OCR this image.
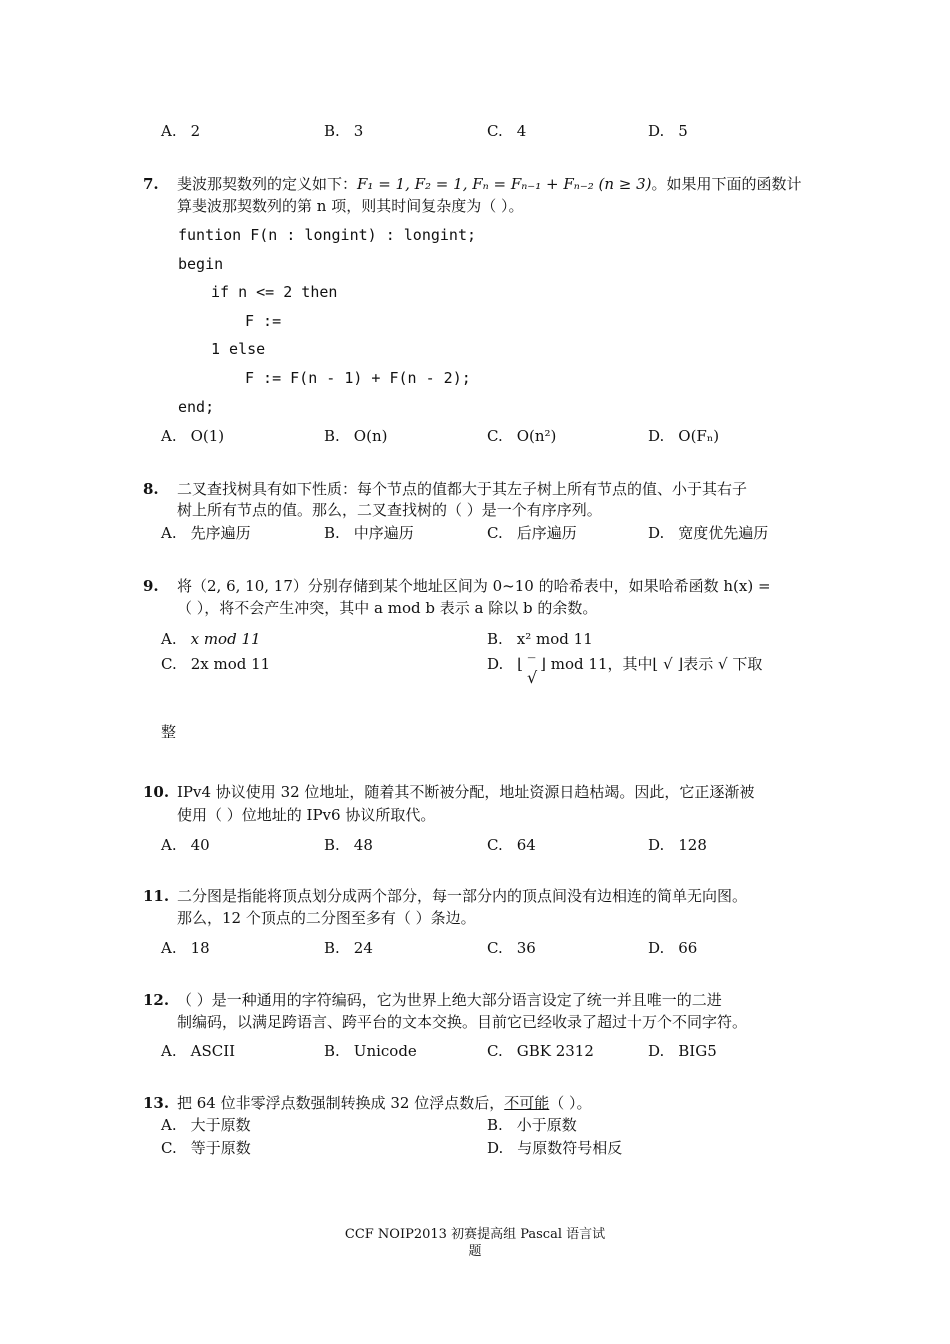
A. 2	B. 3	C. 4	D. 5
7. 斐波那契数列的定义如下：F₁ = 1, F₂ = 1, Fₙ = Fₙ₋₁ + Fₙ₋₂ (n ≥ 3)。如果用下面的函数计
算斐波那契数列的第 n 项，则其时间复杂度为（ ）。
funtion F(n : longint) : longint;
begin
if n <= 2 then
F :=
1 else
F := F(n - 1) + F(n - 2);
end;
A. O(1)	B. O(n)	C. O(n²)	D. O(Fₙ)
8. 二叉查找树具有如下性质：每个节点的值都大于其左子树上所有节点的值、小于其右子
树上所有节点的值。那么，二叉查找树的（ ）是一个有序序列。
A. 先序遍历	B. 中序遍历	C. 后序遍历	D. 宽度优先遍历
9. 将（2, 6, 10, 17）分别存储到某个地址区间为 0~10 的哈希表中，如果哈希函数 h(x) =
（ ），将不会产生冲突，其中 a mod b 表示 a 除以 b 的余数。
A. x mod 11	B. x² mod 11
C. 2x mod 11	D. ⌊ ‾ ⌋ mod 11，其中⌊ √ ⌋表示 √ 下取
√
整
10. IPv4 协议使用 32 位地址，随着其不断被分配，地址资源日趋枯竭。因此，它正逐渐被
使用（ ）位地址的 IPv6 协议所取代。
A. 40	B. 48	C. 64	D. 128
11. 二分图是指能将顶点划分成两个部分，每一部分内的顶点间没有边相连的简单无向图。
那么，12 个顶点的二分图至多有（ ）条边。
A. 18	B. 24	C. 36	D. 66
12. （ ）是一种通用的字符编码，它为世界上绝大部分语言设定了统一并且唯一的二进
制编码，以满足跨语言、跨平台的文本交换。目前它已经收录了超过十万个不同字符。
A. ASCII	B. Unicode	C. GBK 2312	D. BIG5
13. 把 64 位非零浮点数强制转换成 32 位浮点数后，不可能（ ）。
A. 大于原数	B. 小于原数
C. 等于原数	D. 与原数符号相反
CCF NOIP2013 初赛提高组 Pascal 语言试
题
